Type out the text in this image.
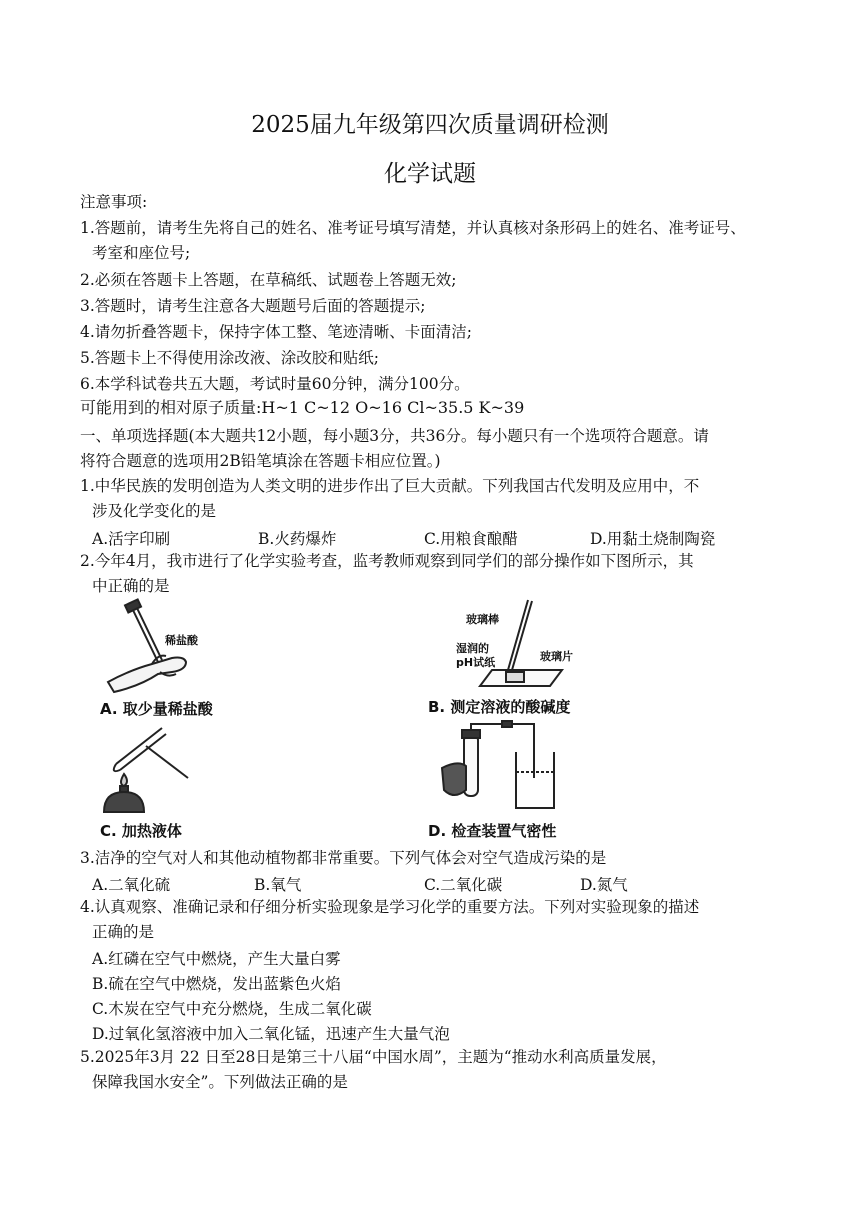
2025届九年级第四次质量调研检测
化学试题
注意事项:
1.答题前，请考生先将自己的姓名、准考证号填写清楚，并认真核对条形码上的姓名、准考证号、
考室和座位号;
2.必须在答题卡上答题，在草稿纸、试题卷上答题无效;
3.答题时，请考生注意各大题题号后面的答题提示;
4.请勿折叠答题卡，保持字体工整、笔迹清晰、卡面清洁;
5.答题卡上不得使用涂改液、涂改胶和贴纸;
6.本学科试卷共五大题，考试时量60分钟，满分100分。
可能用到的相对原子质量:H~1 C~12 O~16 Cl~35.5 K~39
一、单项选择题(本大题共12小题，每小题3分，共36分。每小题只有一个选项符合题意。请
将符合题意的选项用2B铅笔填涂在答题卡相应位置。)
1.中华民族的发明创造为人类文明的进步作出了巨大贡献。下列我国古代发明及应用中，不
涉及化学变化的是
A.活字印刷	B.火药爆炸	C.用粮食酿醋	D.用黏土烧制陶瓷
2.今年4月，我市进行了化学实验考查，监考教师观察到同学们的部分操作如下图所示，其
中正确的是
稀盐酸
A. 取少量稀盐酸
玻璃棒
湿润的
pH试纸	玻璃片
B. 测定溶液的酸碱度
C. 加热液体	D. 检查装置气密性
3.洁净的空气对人和其他动植物都非常重要。下列气体会对空气造成污染的是
A.二氧化硫	B.氧气	C.二氧化碳	D.氮气
4.认真观察、准确记录和仔细分析实验现象是学习化学的重要方法。下列对实验现象的描述
正确的是
A.红磷在空气中燃烧，产生大量白雾
B.硫在空气中燃烧，发出蓝紫色火焰
C.木炭在空气中充分燃烧，生成二氧化碳
D.过氧化氢溶液中加入二氧化锰，迅速产生大量气泡
5.2025年3月 22 日至28日是第三十八届“中国水周”，主题为“推动水利高质量发展，
保障我国水安全”。下列做法正确的是
